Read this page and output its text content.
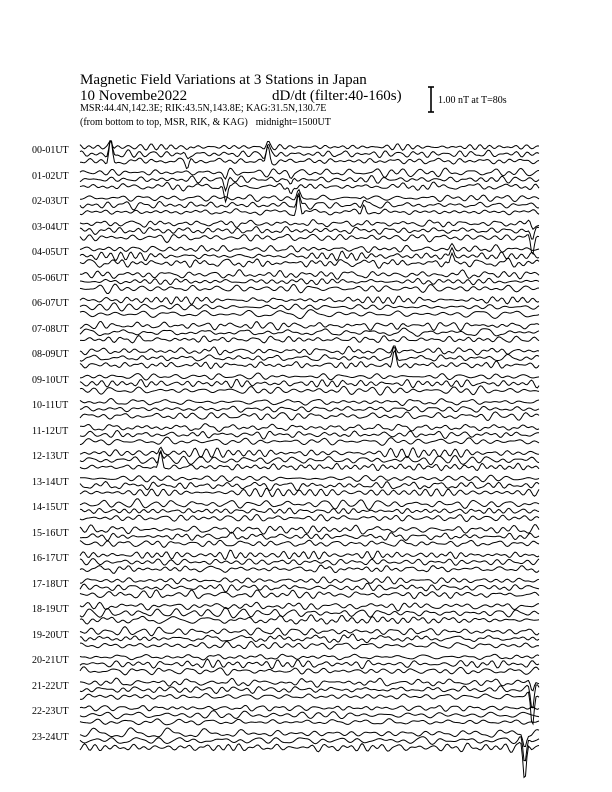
Magnetic Field Variations at 3 Stations in Japan
10 Novembe2022	dD/dt (filter:40-160s)
MSR:44.4N,142.3E; RIK:43.5N,143.8E; KAG:31.5N,130.7E
(from bottom to top, MSR, RIK, & KAG) midnight=1500UT
1.00 nT at T=80s
00-01UT
01-02UT
02-03UT
03-04UT
04-05UT
05-06UT
06-07UT
07-08UT
08-09UT
09-10UT
10-11UT
11-12UT
12-13UT
13-14UT
14-15UT
15-16UT
16-17UT
17-18UT
18-19UT
19-20UT
20-21UT
21-22UT
22-23UT
23-24UT
